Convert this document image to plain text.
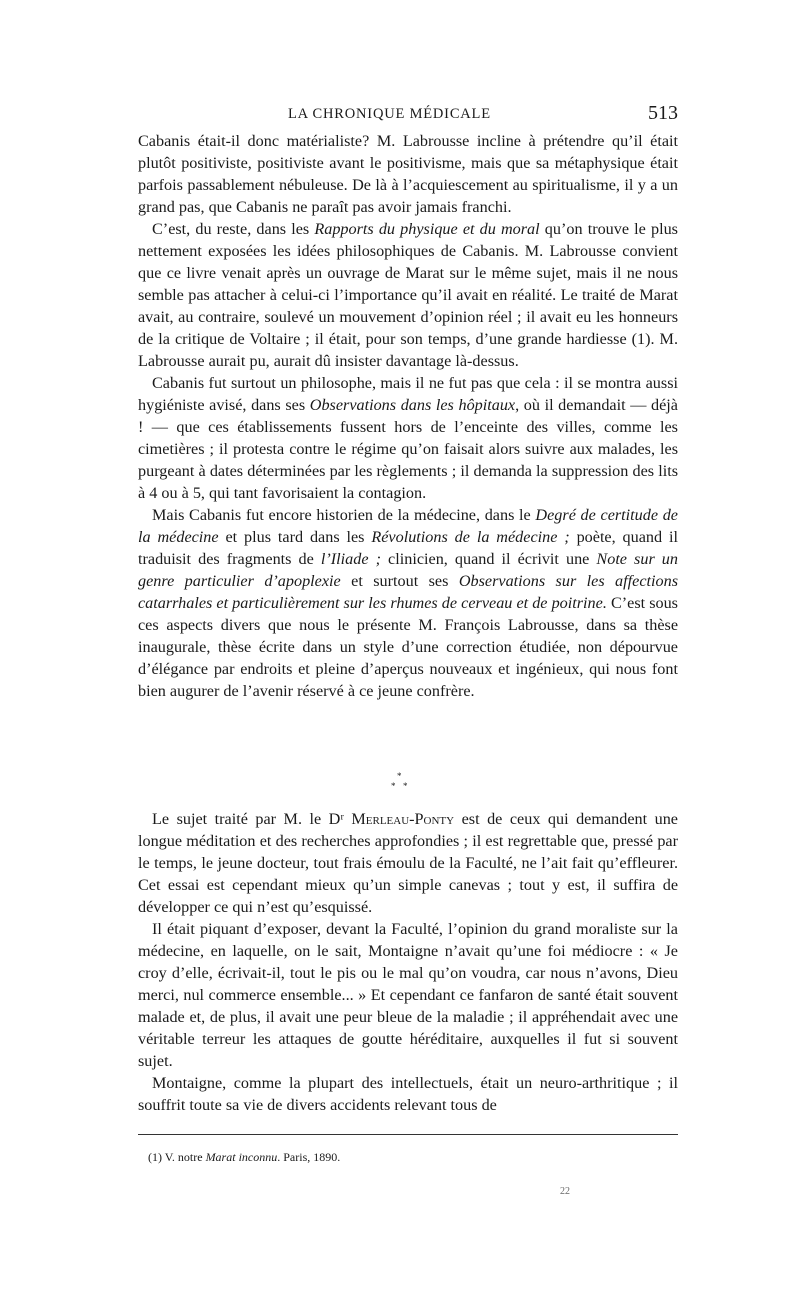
LA CHRONIQUE MÉDICALE	513

Cabanis était-il donc matérialiste? M. Labrousse incline à prétendre qu’il était plutôt positiviste, positiviste avant le positivisme, mais que sa métaphysique était parfois passablement nébuleuse. De là à l’acquiescement au spiritualisme, il y a un grand pas, que Cabanis ne paraît pas avoir jamais franchi.

C’est, du reste, dans les Rapports du physique et du moral qu’on trouve le plus nettement exposées les idées philosophiques de Cabanis. M. Labrousse convient que ce livre venait après un ouvrage de Marat sur le même sujet, mais il ne nous semble pas attacher à celui-ci l’importance qu’il avait en réalité. Le traité de Marat avait, au contraire, soulevé un mouvement d’opinion réel ; il avait eu les honneurs de la critique de Voltaire ; il était, pour son temps, d’une grande hardiesse (1). M. Labrousse aurait pu, aurait dû insister davantage là-dessus.

Cabanis fut surtout un philosophe, mais il ne fut pas que cela : il se montra aussi hygiéniste avisé, dans ses Observations dans les hôpitaux, où il demandait — déjà ! — que ces établissements fussent hors de l’enceinte des villes, comme les cimetières ; il protesta contre le régime qu’on faisait alors suivre aux malades, les purgeant à dates déterminées par les règlements ; il demanda la suppression des lits à 4 ou à 5, qui tant favorisaient la contagion.

Mais Cabanis fut encore historien de la médecine, dans le Degré de certitude de la médecine et plus tard dans les Révolutions de la médecine ; poète, quand il traduisit des fragments de l’Iliade ; clinicien, quand il écrivit une Note sur un genre particulier d’apoplexie et surtout ses Observations sur les affections catarrhales et particulièrement sur les rhumes de cerveau et de poitrine. C’est sous ces aspects divers que nous le présente M. François Labrousse, dans sa thèse inaugurale, thèse écrite dans un style d’une correction étudiée, non dépourvue d’élégance par endroits et pleine d’aperçus nouveaux et ingénieux, qui nous font bien augurer de l’avenir réservé à ce jeune confrère.

*
* *

Le sujet traité par M. le Dʳ Merleau-Ponty est de ceux qui demandent une longue méditation et des recherches approfondies ; il est regrettable que, pressé par le temps, le jeune docteur, tout frais émoulu de la Faculté, ne l’ait fait qu’effleurer. Cet essai est cependant mieux qu’un simple canevas ; tout y est, il suffira de développer ce qui n’est qu’esquissé.

Il était piquant d’exposer, devant la Faculté, l’opinion du grand moraliste sur la médecine, en laquelle, on le sait, Montaigne n’avait qu’une foi médiocre : « Je croy d’elle, écrivait-il, tout le pis ou le mal qu’on voudra, car nous n’avons, Dieu merci, nul commerce ensemble... » Et cependant ce fanfaron de santé était souvent malade et, de plus, il avait une peur bleue de la maladie ; il appréhendait avec une véritable terreur les attaques de goutte héréditaire, auxquelles il fut si souvent sujet.

Montaigne, comme la plupart des intellectuels, était un neuro-arthritique ; il souffrit toute sa vie de divers accidents relevant tous de

(1) V. notre Marat inconnu. Paris, 1890.
22
